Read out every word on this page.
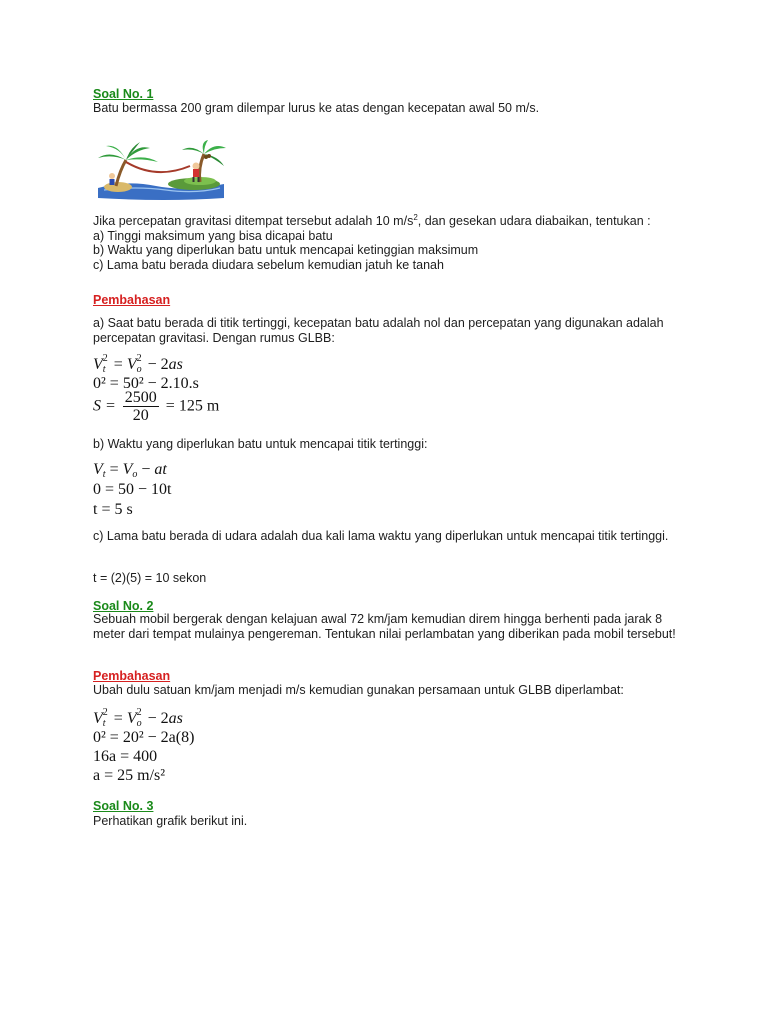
Soal No. 1
Batu bermassa 200 gram dilempar lurus ke atas dengan kecepatan awal 50 m/s.
Jika percepatan gravitasi ditempat tersebut adalah 10 $m/s^2$, dan gesekan udara diabaikan, tentukan :
a) Tinggi maksimum yang bisa dicapai batu
b) Waktu yang diperlukan batu untuk mencapai ketinggian maksimum
c) Lama batu berada diudara sebelum kemudian jatuh ke tanah
Pembahasan
a) Saat batu berada di titik tertinggi, kecepatan batu adalah nol dan percepatan yang digunakan adalah percepatan gravitasi. Dengan rumus GLBB:
V 2
t = V 2
o − 2as
0² = 50² − 2.10.s
$S = \frac{2500}{20} = 125$ m
b) Waktu yang diperlukan batu untuk mencapai titik tertinggi:
$V_t = V_o$ − at
0 = 50 − 10t
t = 5 s
c) Lama batu berada di udara adalah dua kali lama waktu yang diperlukan untuk mencapai titik tertinggi.
t = (2)(5) = 10 sekon
Soal No. 2
Sebuah mobil bergerak dengan kelajuan awal 72 km/jam kemudian direm hingga berhenti pada jarak 8 meter dari tempat mulainya pengereman. Tentukan nilai perlambatan yang diberikan pada mobil tersebut!
Pembahasan
Ubah dulu satuan km/jam menjadi m/s kemudian gunakan persamaan untuk GLBB diperlambat:
V 2
t = V 2
o − 2as
0² = 20² − 2a(8)
16a = 400
a = 25 m/s²
Soal No. 3
Perhatikan grafik berikut ini.
